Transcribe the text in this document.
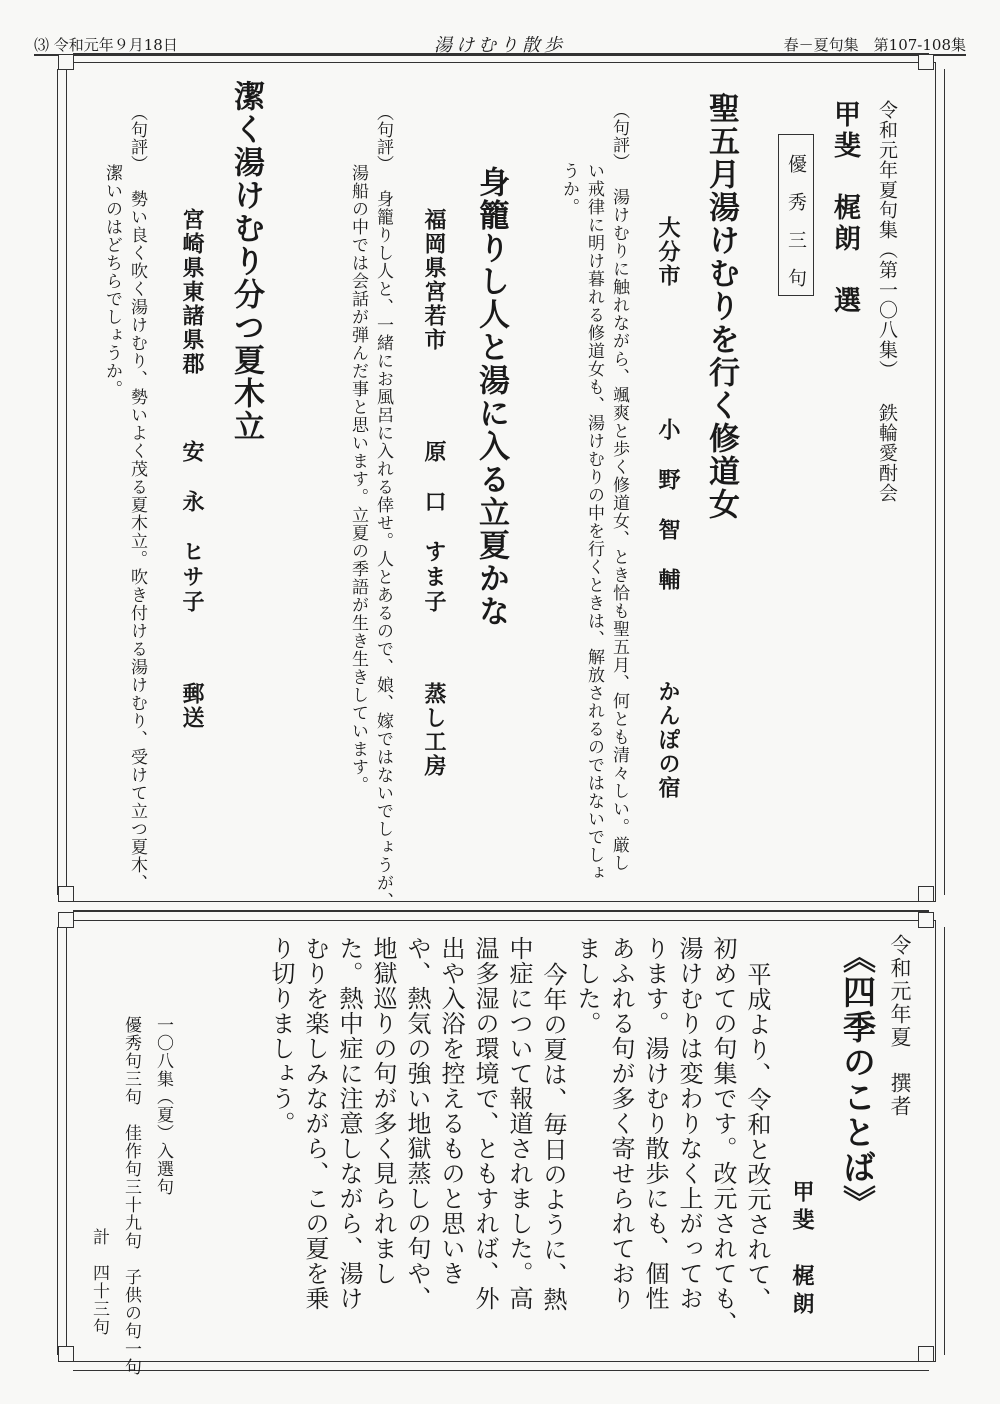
⑶ 令和元年９月18日	湯けむり散歩	春－夏句集　第107-108集
令和元年夏句集（第一〇八集） 鉄輪愛酎会
甲斐　梶朗　選
優　秀　三　句
聖五月湯けむりを行く修道女
大分市
小　野　智　輔
かんぽの宿
（句評）
湯けむりに触れながら、颯爽と歩く修道女、とき恰も聖五月、何とも清々しい。厳し
い戒律に明け暮れる修道女も、湯けむりの中を行くときは、解放されるのではないでしょ
うか。
身籠りし人と湯に入る立夏かな
福岡県宮若市
原　口　すま子
蒸し工房
（句評）
身籠りし人と、一緒にお風呂に入れる倖せ。人とあるので、娘、嫁ではないでしょうが、
湯船の中では会話が弾んだ事と思います。立夏の季語が生き生きしています。
潔く湯けむり分つ夏木立
宮崎県東諸県郡
安　永　ヒサ子
郵送
（句評）
勢い良く吹く湯けむり、勢いよく茂る夏木立。吹き付ける湯けむり、受けて立つ夏木、
潔いのはどちらでしょうか。
令和元年夏　撰者
《四季のことば》
甲斐　梶朗
平成より、令和と改元されて、
初めての句集です。改元されても、
湯けむりは変わりなく上がってお
ります。湯けむり散歩にも、個性
あふれる句が多く寄せられており
ました。
今年の夏は、毎日のように、熱
中症について報道されました。高
温多湿の環境で、ともすれば、外
出や入浴を控えるものと思いき
や、熱気の強い地獄蒸しの句や、
地獄巡りの句が多く見られまし
た。熱中症に注意しながら、湯け
むりを楽しみながら、この夏を乗
り切りましょう。
一〇八集（夏）入選句
優秀句三句　佳作句三十九句　子供の句一句
計　四十三句
